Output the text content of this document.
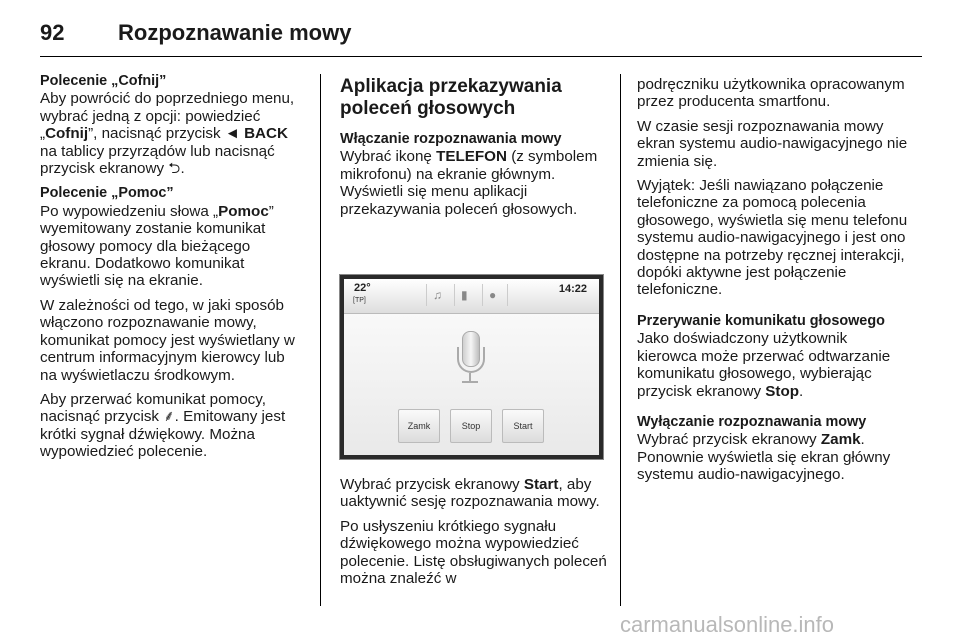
92 Rozpoznawanie mowy

Polecenie „Cofnij”
Aby powrócić do poprzedniego menu, wybrać jedną z opcji: powiedzieć „Cofnij”, nacisnąć przycisk ◄ BACK na tablicy przyrządów lub nacisnąć przycisk ekranowy ⮌.

Polecenie „Pomoc”
Po wypowiedzeniu słowa „Pomoc” wyemitowany zostanie komunikat głosowy pomocy dla bieżącego ekranu. Dodatkowo komunikat wyświetli się na ekranie.

W zależności od tego, w jaki sposób włączono rozpoznawanie mowy, komunikat pomocy jest wyświetlany w centrum informacyjnym kierowcy lub na wyświetlaczu środkowym.

Aby przerwać komunikat pomocy, nacisnąć przycisk ⸙. Emitowany jest krótki sygnał dźwiękowy. Można wypowiedzieć polecenie.

Aplikacja przekazywania poleceń głosowych

Włączanie rozpoznawania mowy
Wybrać ikonę TELEFON (z symbolem mikrofonu) na ekranie głównym. Wyświetli się menu aplikacji przekazywania poleceń głosowych.

22°
[TP]	♫ ▮ ●	14:22
Zamk	Stop	Start

Wybrać przycisk ekranowy Start, aby uaktywnić sesję rozpoznawania mowy.

Po usłyszeniu krótkiego sygnału dźwiękowego można wypowiedzieć polecenie. Listę obsługiwanych poleceń można znaleźć w

podręczniku użytkownika opracowanym przez producenta smartfonu.

W czasie sesji rozpoznawania mowy ekran systemu audio-nawigacyjnego nie zmienia się.

Wyjątek: Jeśli nawiązano połączenie telefoniczne za pomocą polecenia głosowego, wyświetla się menu telefonu systemu audio-nawigacyjnego i jest ono dostępne na potrzeby ręcznej interakcji, dopóki aktywne jest połączenie telefoniczne.

Przerywanie komunikatu głosowego
Jako doświadczony użytkownik kierowca może przerwać odtwarzanie komunikatu głosowego, wybierając przycisk ekranowy Stop.

Wyłączanie rozpoznawania mowy
Wybrać przycisk ekranowy Zamk. Ponownie wyświetla się ekran główny systemu audio-nawigacyjnego.

carmanualsonline.info
